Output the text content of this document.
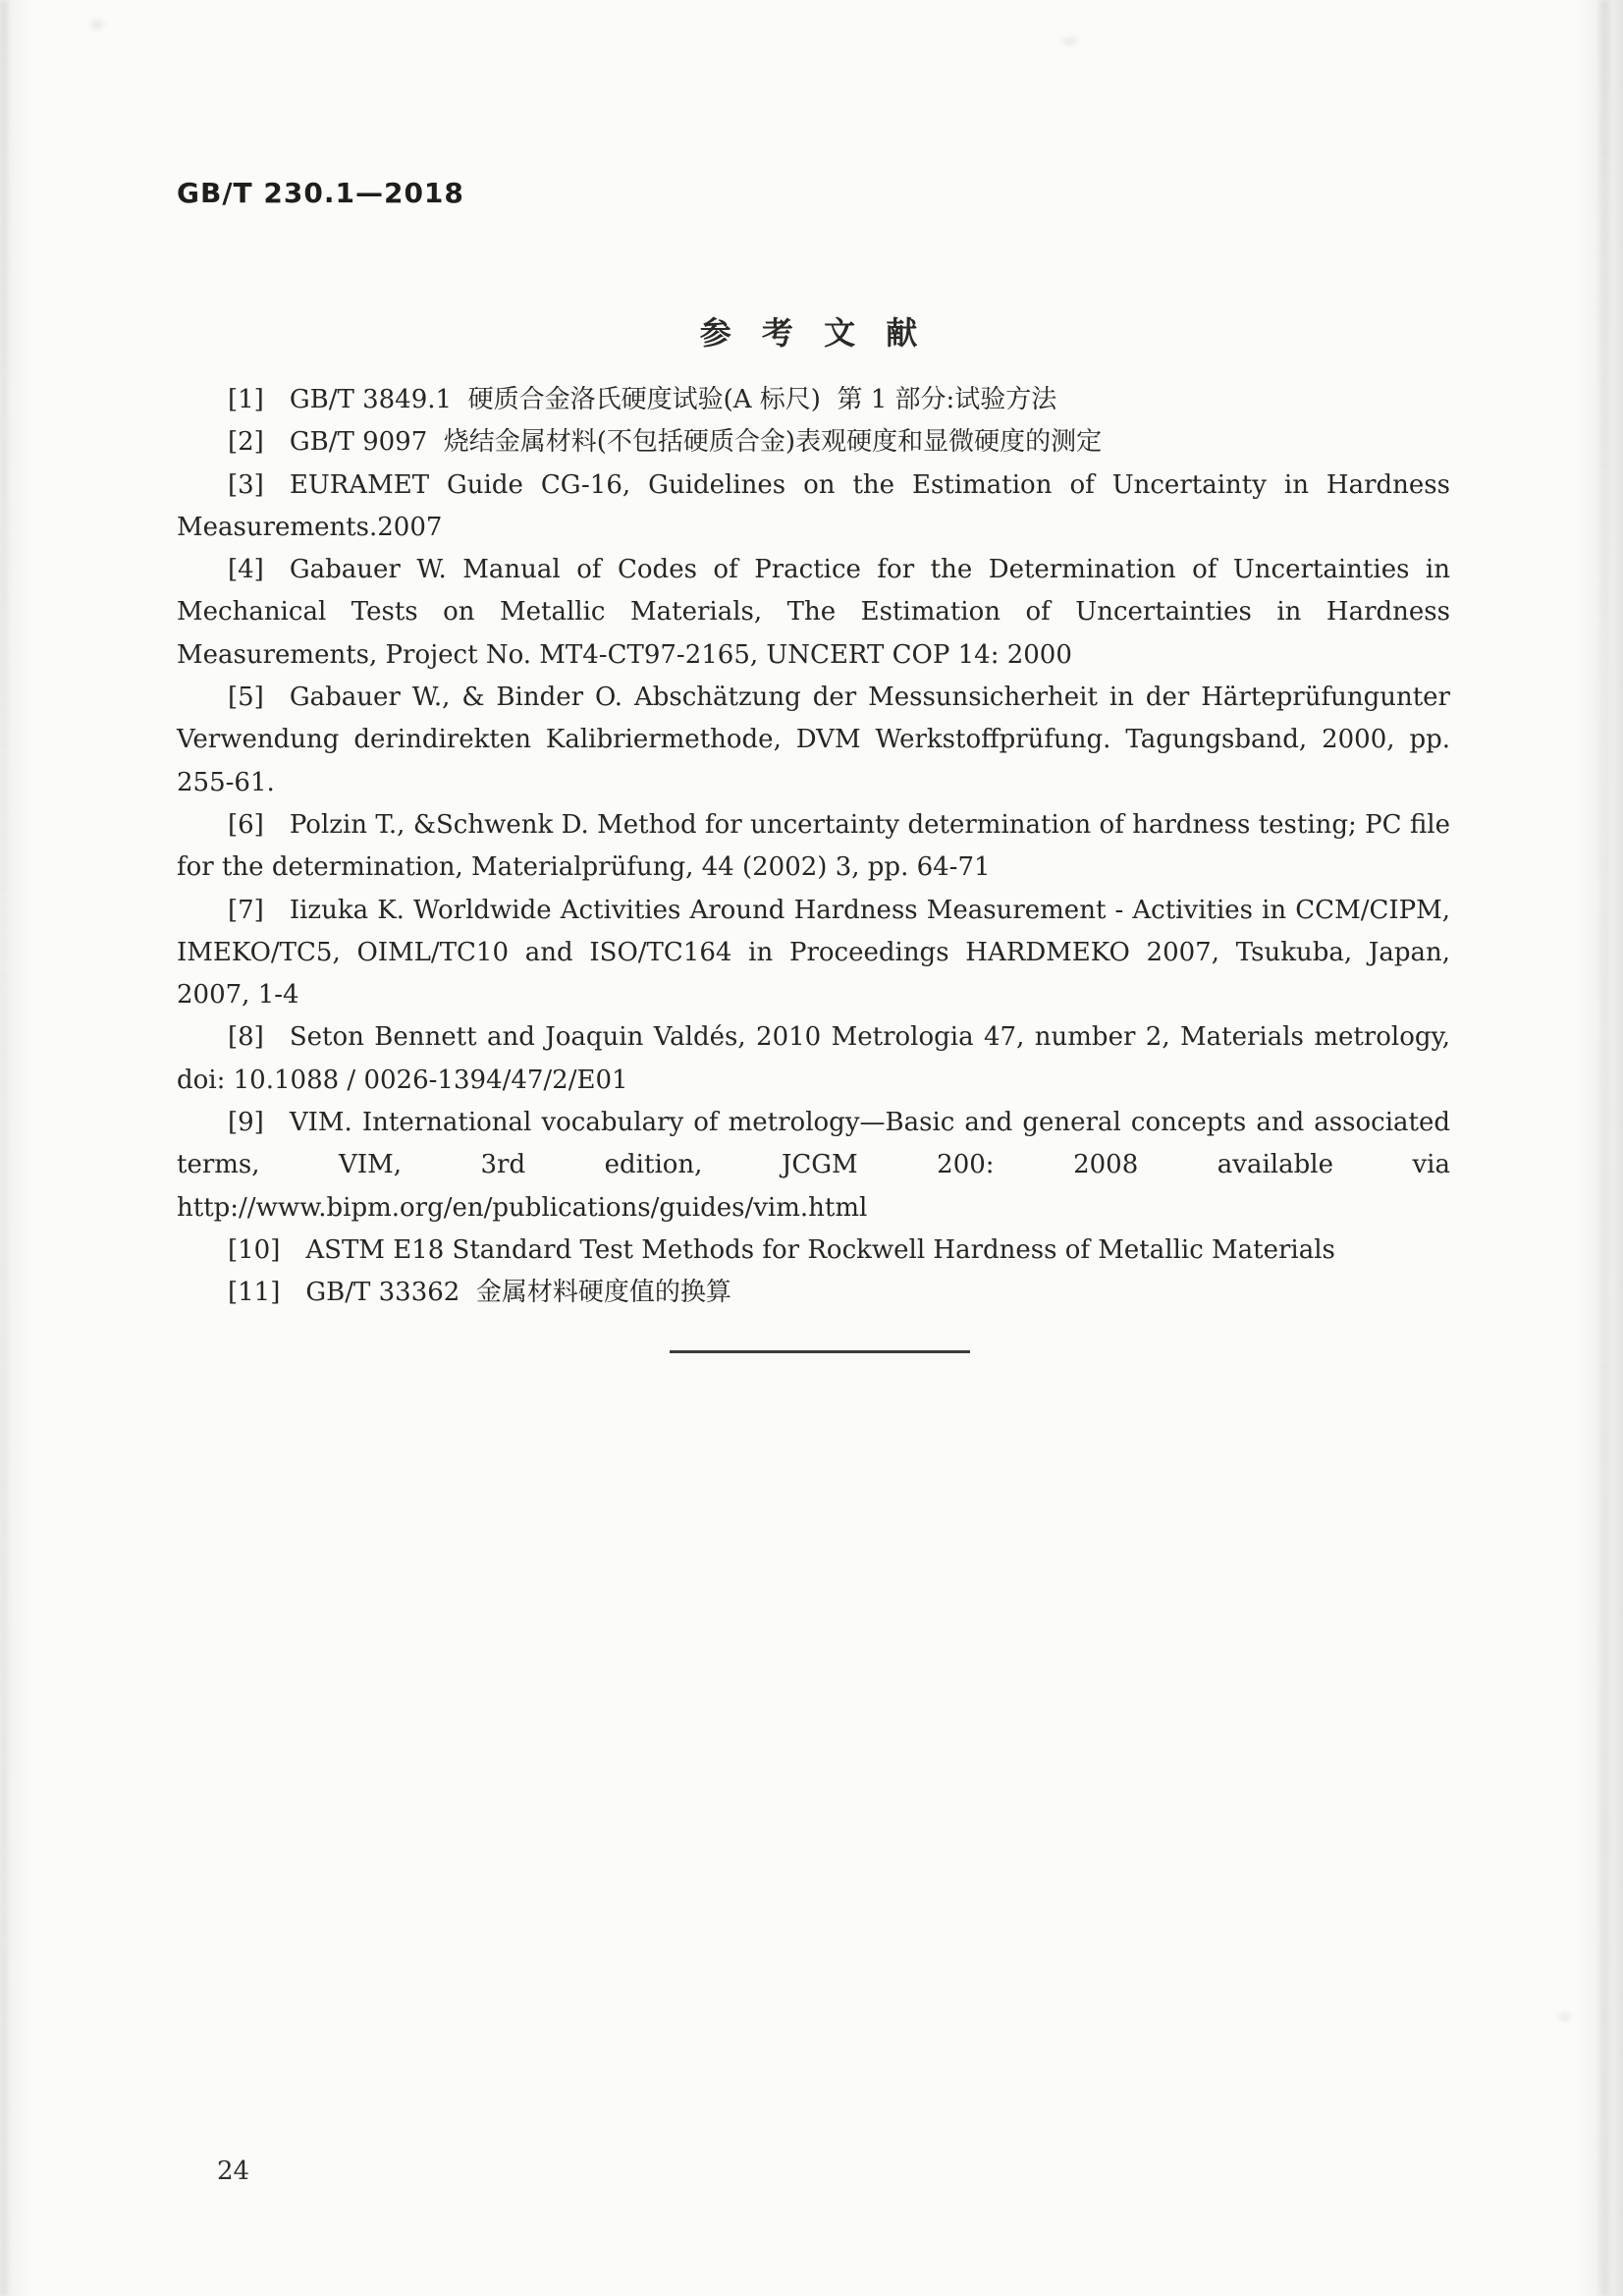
GB/T 230.1—2018
参 考 文 献

[1] GB/T 3849.1  硬质合金洛氏硬度试验(A 标尺)  第 1 部分:试验方法

[2] GB/T 9097  烧结金属材料(不包括硬质合金)表观硬度和显微硬度的测定

[3] EURAMET Guide CG-16, Guidelines on the Estimation of Uncertainty in Hardness Measurements.2007

[4] Gabauer W. Manual of Codes of Practice for the Determination of Uncertainties in Mechanical Tests on Metallic Materials, The Estimation of Uncertainties in Hardness Measurements, Project No. MT4-CT97-2165, UNCERT COP 14: 2000

[5] Gabauer W., & Binder O. Abschätzung der Messunsicherheit in der Härteprüfungunter Verwendung derindirekten Kalibriermethode, DVM Werkstoffprüfung. Tagungsband, 2000, pp. 255-61.

[6] Polzin T., &Schwenk D. Method for uncertainty determination of hardness testing; PC file for the determination, Materialprüfung, 44 (2002) 3, pp. 64-71

[7] Iizuka K. Worldwide Activities Around Hardness Measurement - Activities in CCM/CIPM, IMEKO/TC5, OIML/TC10 and ISO/TC164 in Proceedings HARDMEKO 2007, Tsukuba, Japan, 2007, 1-4

[8] Seton Bennett and Joaquin Valdés, 2010 Metrologia 47, number 2, Materials metrology, doi: 10.1088 / 0026-1394/47/2/E01

[9] VIM. International vocabulary of metrology—Basic and general concepts and associated terms, VIM, 3rd edition, JCGM 200: 2008 available via http://www.bipm.org/en/publications/guides/vim.html

[10] ASTM E18 Standard Test Methods for Rockwell Hardness of Metallic Materials

[11] GB/T 33362  金属材料硬度值的换算

24
